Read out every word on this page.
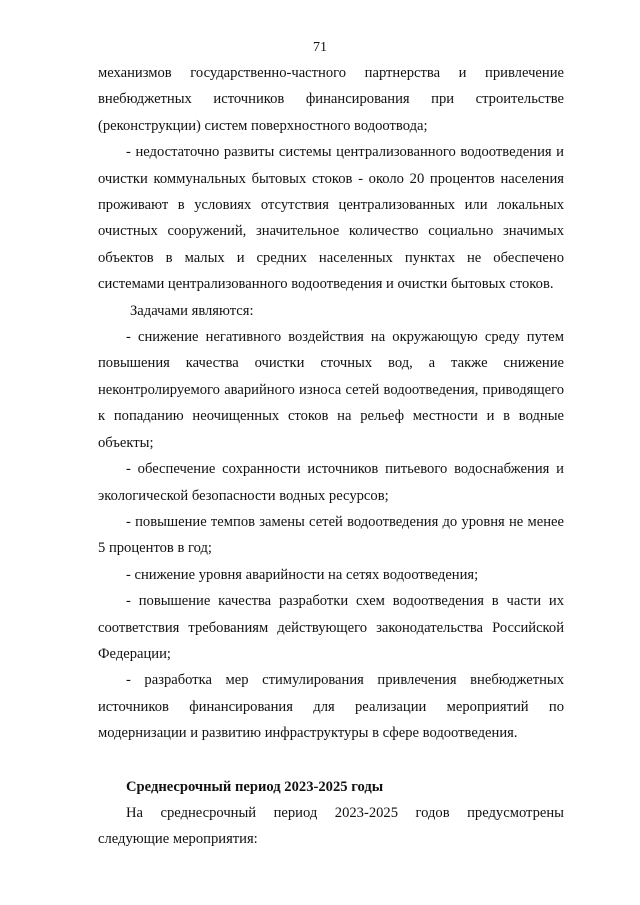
71

механизмов государственно-частного партнерства и привлечение внебюджетных источников финансирования при строительстве (реконструкции) систем поверхностного водоотвода;

- недостаточно развиты системы централизованного водоотведения и очистки коммунальных бытовых стоков - около 20 процентов населения проживают в условиях отсутствия централизованных или локальных очистных сооружений, значительное количество социально значимых объектов в малых и средних населенных пунктах не обеспечено системами централизованного водоотведения и очистки бытовых стоков.

Задачами являются:

- снижение негативного воздействия на окружающую среду путем повышения качества очистки сточных вод, а также снижение неконтролируемого аварийного износа сетей водоотведения, приводящего к попаданию неочищенных стоков на рельеф местности и в водные объекты;

- обеспечение сохранности источников питьевого водоснабжения и экологической безопасности водных ресурсов;

- повышение темпов замены сетей водоотведения до уровня не менее 5 процентов в год;

- снижение уровня аварийности на сетях водоотведения;

- повышение качества разработки схем водоотведения в части их соответствия требованиям действующего законодательства Российской Федерации;

- разработка мер стимулирования привлечения внебюджетных источников финансирования для реализации мероприятий по модернизации и развитию инфраструктуры в сфере водоотведения.

Среднесрочный период 2023-2025 годы

На среднесрочный период 2023-2025 годов предусмотрены следующие мероприятия:
